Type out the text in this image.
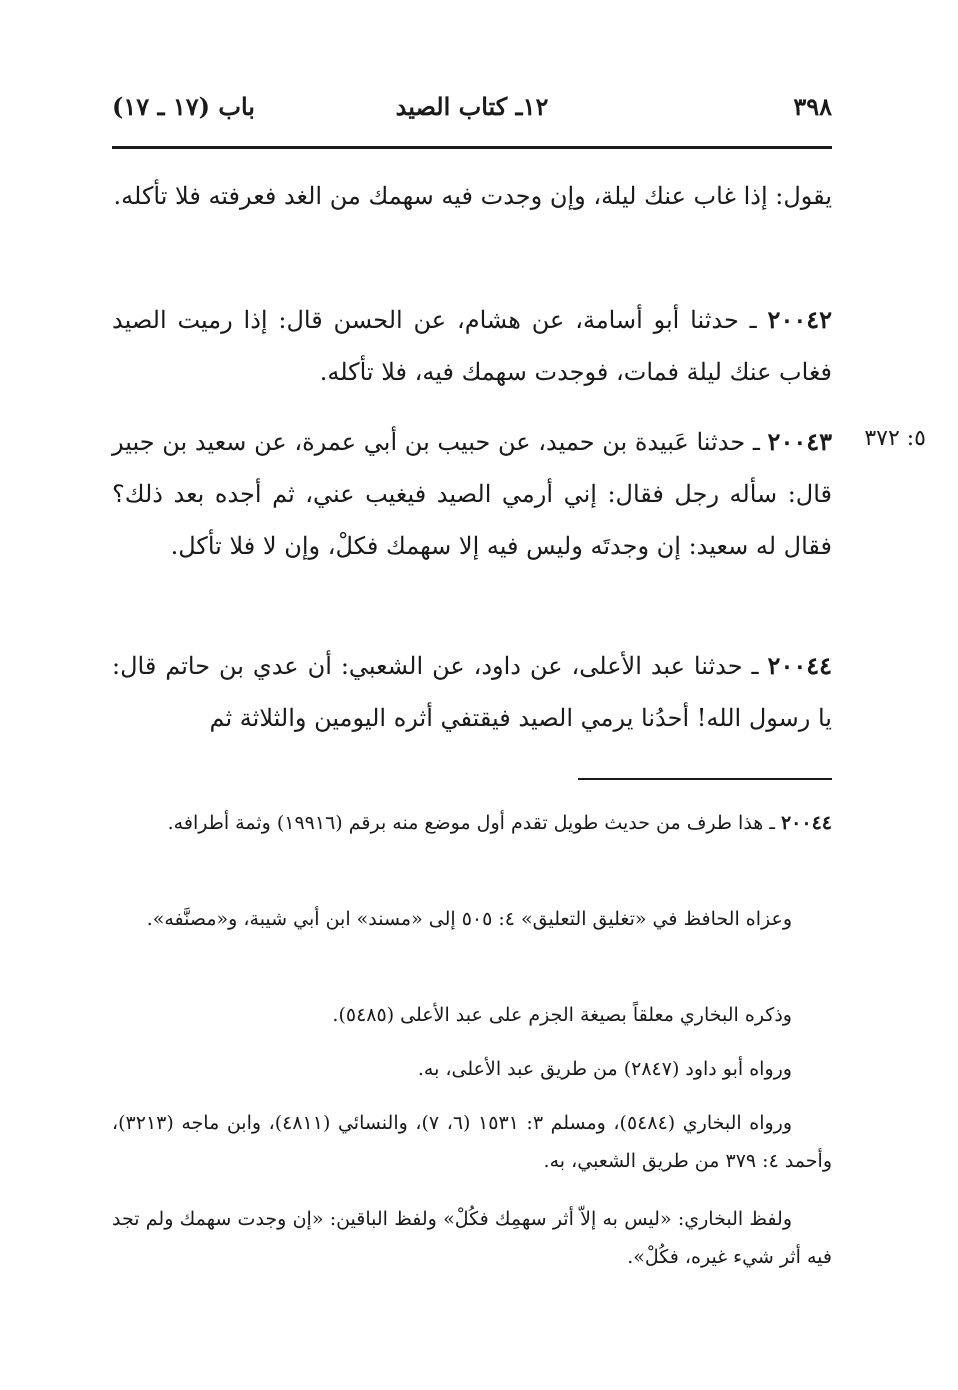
٣٩٨
١٢ـ كتاب الصيد
باب (١٧ ـ ١٧)

يقول: إذا غاب عنك ليلة، وإن وجدت فيه سهمك من الغد فعرفته فلا تأكله.

٢٠٠٤٢ ـ حدثنا أبو أسامة، عن هشام، عن الحسن قال: إذا رميت الصيد فغاب عنك ليلة فمات، فوجدت سهمك فيه، فلا تأكله.

٥: ٣٧٢

٢٠٠٤٣ ـ حدثنا عَبيدة بن حميد، عن حبيب بن أبي عمرة، عن سعيد بن جبير قال: سأله رجل فقال: إني أرمي الصيد فيغيب عني، ثم أجده بعد ذلك؟ فقال له سعيد: إن وجدتَه وليس فيه إلا سهمك فكلْ، وإن لا فلا تأكل.

٢٠٠٤٤ ـ حدثنا عبد الأعلى، عن داود، عن الشعبي: أن عدي بن حاتم قال: يا رسول الله! أحدُنا يرمي الصيد فيقتفي أثره اليومين والثلاثة ثم

٢٠٠٤٤ ـ هذا طرف من حديث طويل تقدم أول موضع منه برقم (١٩٩١٦) وثمة أطرافه.

وعزاه الحافظ في «تغليق التعليق» ٤: ٥٠٥ إلى «مسند» ابن أبي شيبة، و«مصنَّفه».

وذكره البخاري معلقاً بصيغة الجزم على عبد الأعلى (٥٤٨٥).

ورواه أبو داود (٢٨٤٧) من طريق عبد الأعلى، به.

ورواه البخاري (٥٤٨٤)، ومسلم ٣: ١٥٣١ (٦، ٧)، والنسائي (٤٨١١)، وابن ماجه (٣٢١٣)، وأحمد ٤: ٣٧٩ من طريق الشعبي، به.

ولفظ البخاري: «ليس به إلاّ أثر سهمِك فكُلْ» ولفظ الباقين: «إن وجدت سهمك ولم تجد فيه أثر شيء غيره، فكُلْ».
